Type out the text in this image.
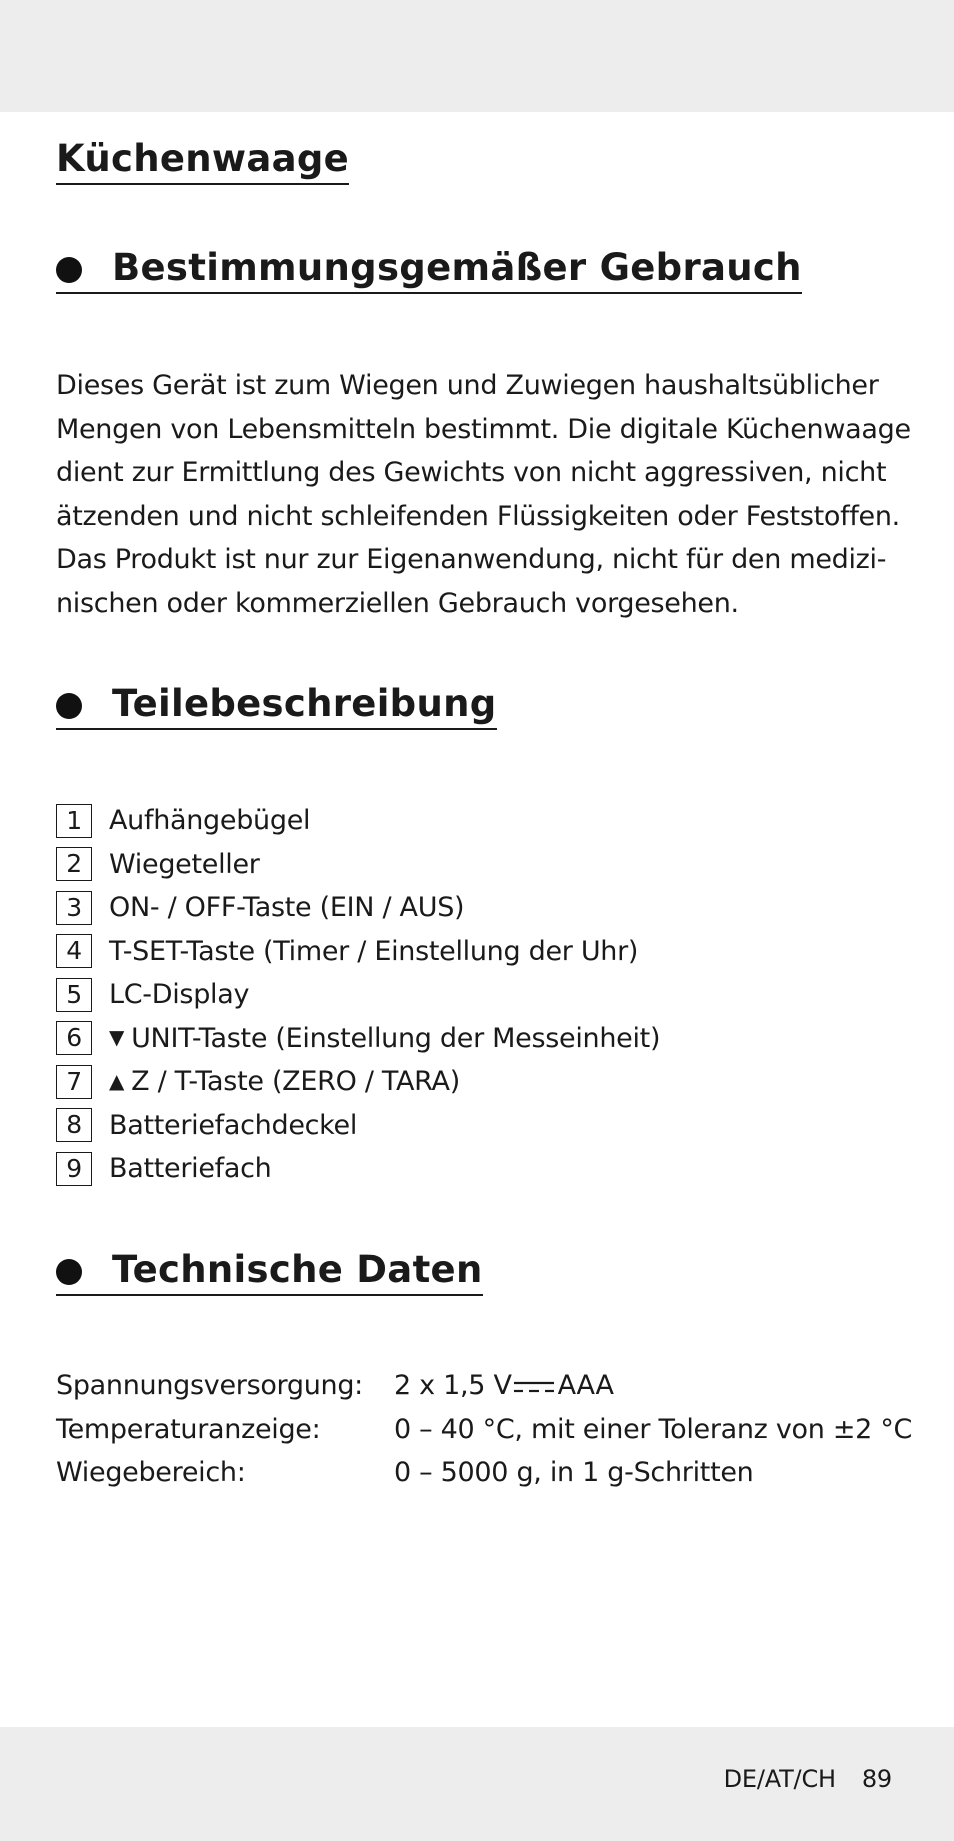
Küchenwaage
Bestimmungsgemäßer Gebrauch

Dieses Gerät ist zum Wiegen und Zuwiegen haushaltsüblicher
Mengen von Lebensmitteln bestimmt. Die digitale Küchenwaage
dient zur Ermittlung des Gewichts von nicht aggressiven, nicht
ätzenden und nicht schleifenden Flüssigkeiten oder Feststoffen.
Das Produkt ist nur zur Eigenanwendung, nicht für den medizi-
nischen oder kommerziellen Gebrauch vorgesehen.

Teilebeschreibung
1	Aufhängebügel
2	Wiegeteller
3	ON- / OFF-Taste (EIN / AUS)
4	T-SET-Taste (Timer / Einstellung der Uhr)
5	LC-Display
6	▼ UNIT-Taste (Einstellung der Messeinheit)
7	▲ Z / T-Taste (ZERO / TARA)
8	Batteriefachdeckel
9	Batteriefach
Technische Daten
Spannungsversorgung:	2 x 1,5 V AAA
Temperaturanzeige:	0 – 40 °C, mit einer Toleranz von ±2 °C
Wiegebereich:	0 – 5000 g, in 1 g-Schritten
DE/AT/CH 89
